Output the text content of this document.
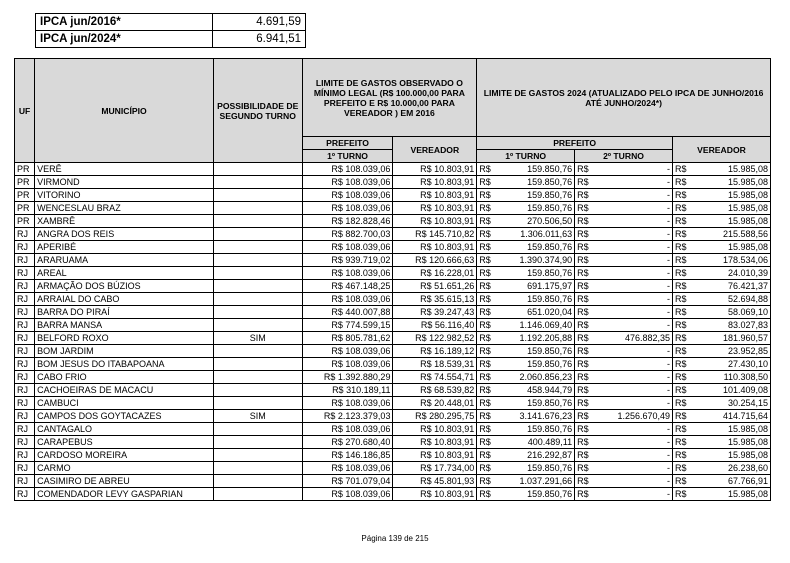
IPCA jun/2016*	4.691,59
IPCA jun/2024*	6.941,51
UF	MUNICÍPIO	POSSIBILIDADE DE SEGUNDO TURNO	LIMITE DE GASTOS OBSERVADO O MÍNIMO LEGAL (R$ 100.000,00 PARA PREFEITO E R$ 10.000,00 PARA VEREADOR ) EM 2016		LIMITE DE GASTOS 2024 (ATUALIZADO PELO IPCA DE JUNHO/2016 ATÉ JUNHO/2024*)		
			PREFEITO	VEREADOR	PREFEITO		VEREADOR
			1º TURNO		1º TURNO	2º TURNO	
PR	VERÊ		R$ 108.039,06	R$ 10.803,91	R$ 159.850,76	R$ -	R$ 15.985,08

PR	VIRMOND		R$ 108.039,06	R$ 10.803,91	R$ 159.850,76	R$ -	R$ 15.985,08

PR	VITORINO		R$ 108.039,06	R$ 10.803,91	R$ 159.850,76	R$ -	R$ 15.985,08

PR	WENCESLAU BRAZ		R$ 108.039,06	R$ 10.803,91	R$ 159.850,76	R$ -	R$ 15.985,08

PR	XAMBRÊ		R$ 182.828,46	R$ 10.803,91	R$ 270.506,50	R$ -	R$ 15.985,08

RJ	ANGRA DOS REIS		R$ 882.700,03	R$ 145.710,82	R$ 1.306.011,63	R$ -	R$ 215.588,56

RJ	APERIBÉ		R$ 108.039,06	R$ 10.803,91	R$ 159.850,76	R$ -	R$ 15.985,08

RJ	ARARUAMA		R$ 939.719,02	R$ 120.666,63	R$ 1.390.374,90	R$ -	R$ 178.534,06

RJ	AREAL		R$ 108.039,06	R$ 16.228,01	R$ 159.850,76	R$ -	R$ 24.010,39

RJ	ARMAÇÃO DOS BÚZIOS		R$ 467.148,25	R$ 51.651,26	R$ 691.175,97	R$ -	R$ 76.421,37

RJ	ARRAIAL DO CABO		R$ 108.039,06	R$ 35.615,13	R$ 159.850,76	R$ -	R$ 52.694,88

RJ	BARRA DO PIRAÍ		R$ 440.007,88	R$ 39.247,43	R$ 651.020,04	R$ -	R$ 58.069,10

RJ	BARRA MANSA		R$ 774.599,15	R$ 56.116,40	R$ 1.146.069,40	R$ -	R$ 83.027,83

RJ	BELFORD ROXO	SIM	R$ 805.781,62	R$ 122.982,52	R$ 1.192.205,88	R$ 476.882,35	R$ 181.960,57

RJ	BOM JARDIM		R$ 108.039,06	R$ 16.189,12	R$ 159.850,76	R$ -	R$ 23.952,85

RJ	BOM JESUS DO ITABAPOANA		R$ 108.039,06	R$ 18.539,31	R$ 159.850,76	R$ -	R$ 27.430,10

RJ	CABO FRIO		R$ 1.392.880,29	R$ 74.554,71	R$ 2.060.856,23	R$ -	R$ 110.308,50

RJ	CACHOEIRAS DE MACACU		R$ 310.189,11	R$ 68.539,82	R$ 458.944,79	R$ -	R$ 101.409,08

RJ	CAMBUCI		R$ 108.039,06	R$ 20.448,01	R$ 159.850,76	R$ -	R$ 30.254,15

RJ	CAMPOS DOS GOYTACAZES	SIM	R$ 2.123.379,03	R$ 280.295,75	R$ 3.141.676,23	R$ 1.256.670,49	R$ 414.715,64

RJ	CANTAGALO		R$ 108.039,06	R$ 10.803,91	R$ 159.850,76	R$ -	R$ 15.985,08

RJ	CARAPEBUS		R$ 270.680,40	R$ 10.803,91	R$ 400.489,11	R$ -	R$ 15.985,08

RJ	CARDOSO MOREIRA		R$ 146.186,85	R$ 10.803,91	R$ 216.292,87	R$ -	R$ 15.985,08

RJ	CARMO		R$ 108.039,06	R$ 17.734,00	R$ 159.850,76	R$ -	R$ 26.238,60

RJ	CASIMIRO DE ABREU		R$ 701.079,04	R$ 45.801,93	R$ 1.037.291,66	R$ -	R$ 67.766,91

RJ	COMENDADOR LEVY GASPARIAN		R$ 108.039,06	R$ 10.803,91	R$ 159.850,76	R$ -	R$ 15.985,08
Página 139 de 215
